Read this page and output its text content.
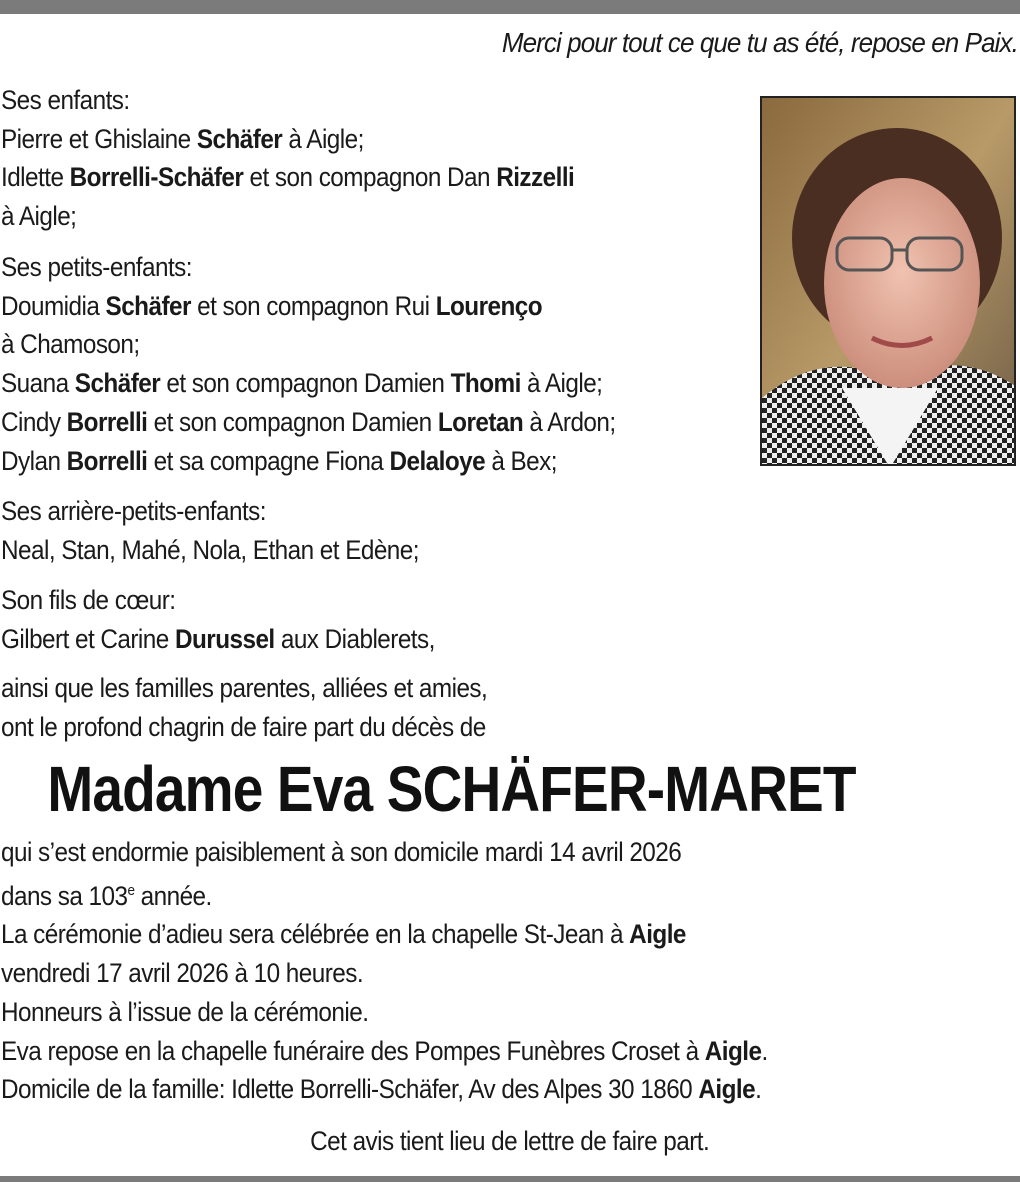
Merci pour tout ce que tu as été, repose en Paix.
Ses enfants:
Pierre et Ghislaine Schäfer à Aigle;
Idlette Borrelli-Schäfer et son compagnon Dan Rizzelli
à Aigle;
Ses petits-enfants:
Doumidia Schäfer et son compagnon Rui Lourenço
à Chamoson;
Suana Schäfer et son compagnon Damien Thomi à Aigle;
Cindy Borrelli et son compagnon Damien Loretan à Ardon;
Dylan Borrelli et sa compagne Fiona Delaloye à Bex;
Ses arrière-petits-enfants:
Neal, Stan, Mahé, Nola, Ethan et Edène;
Son fils de cœur:
Gilbert et Carine Durussel aux Diablerets,
ainsi que les familles parentes, alliées et amies,
ont le profond chagrin de faire part du décès de
Madame Eva SCHÄFER-MARET
qui s’est endormie paisiblement à son domicile mardi 14 avril 2026
dans sa 103e année.
La cérémonie d’adieu sera célébrée en la chapelle St-Jean à Aigle
vendredi 17 avril 2026 à 10 heures.
Honneurs à l’issue de la cérémonie.
Eva repose en la chapelle funéraire des Pompes Funèbres Croset à Aigle.
Domicile de la famille: Idlette Borrelli-Schäfer, Av des Alpes 30 1860 Aigle.
Cet avis tient lieu de lettre de faire part.
